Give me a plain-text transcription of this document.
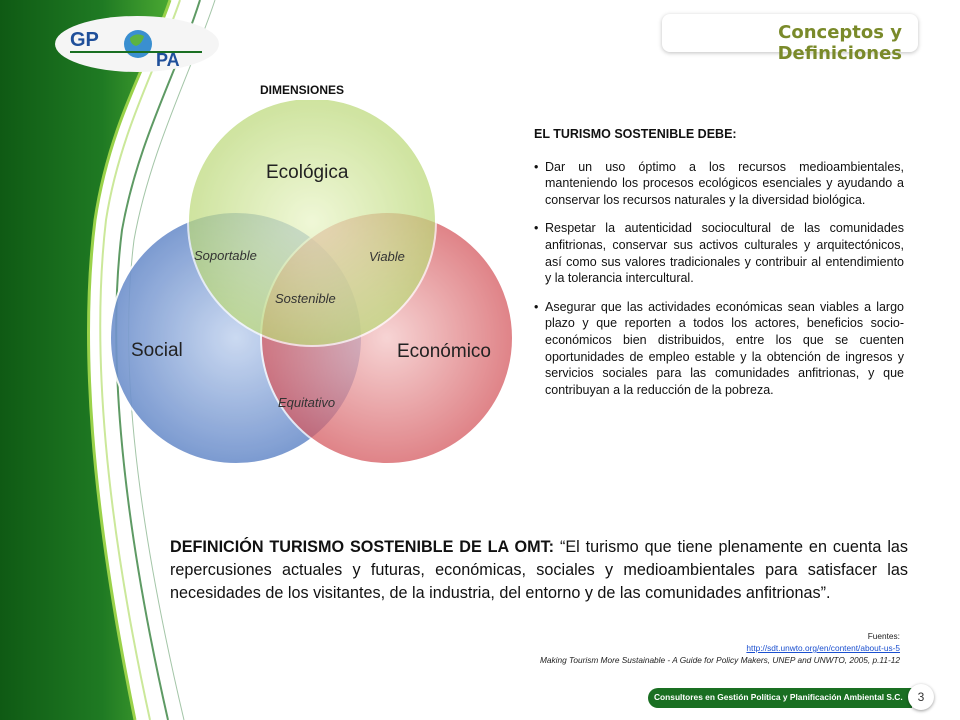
GP
PA
Conceptos y Definiciones
DIMENSIONES
Ecológica
Social	Económico
Soportable	Viable
Sostenible
Equitativo
EL TURISMO SOSTENIBLE DEBE:
• Dar un uso óptimo a los recursos medioambientales, manteniendo los procesos ecológicos esenciales y ayudando a conservar los recursos naturales y la diversidad biológica.
• Respetar la autenticidad sociocultural de las comunidades anfitrionas, conservar sus activos culturales y arquitectónicos, así como sus valores tradicionales y contribuir al entendimiento y la tolerancia intercultural.
• Asegurar que las actividades económicas sean viables a largo plazo y que reporten a todos los actores, beneficios socio-económicos bien distribuidos, entre los que se cuenten oportunidades de empleo estable y la obtención de ingresos y servicios sociales para las comunidades anfitrionas, y que contribuyan a la reducción de la pobreza.
DEFINICIÓN TURISMO SOSTENIBLE DE LA OMT: “El turismo que tiene plenamente en cuenta las repercusiones actuales y futuras, económicas, sociales y medioambientales para satisfacer las necesidades de los visitantes, de la industria, del entorno y de las comunidades anfitrionas”.
Fuentes:
http://sdt.unwto.org/en/content/about-us-5
Making Tourism More Sustainable - A Guide for Policy Makers, UNEP and UNWTO, 2005, p.11-12
Consultores en Gestión Política y Planificación Ambiental S.C.	3
